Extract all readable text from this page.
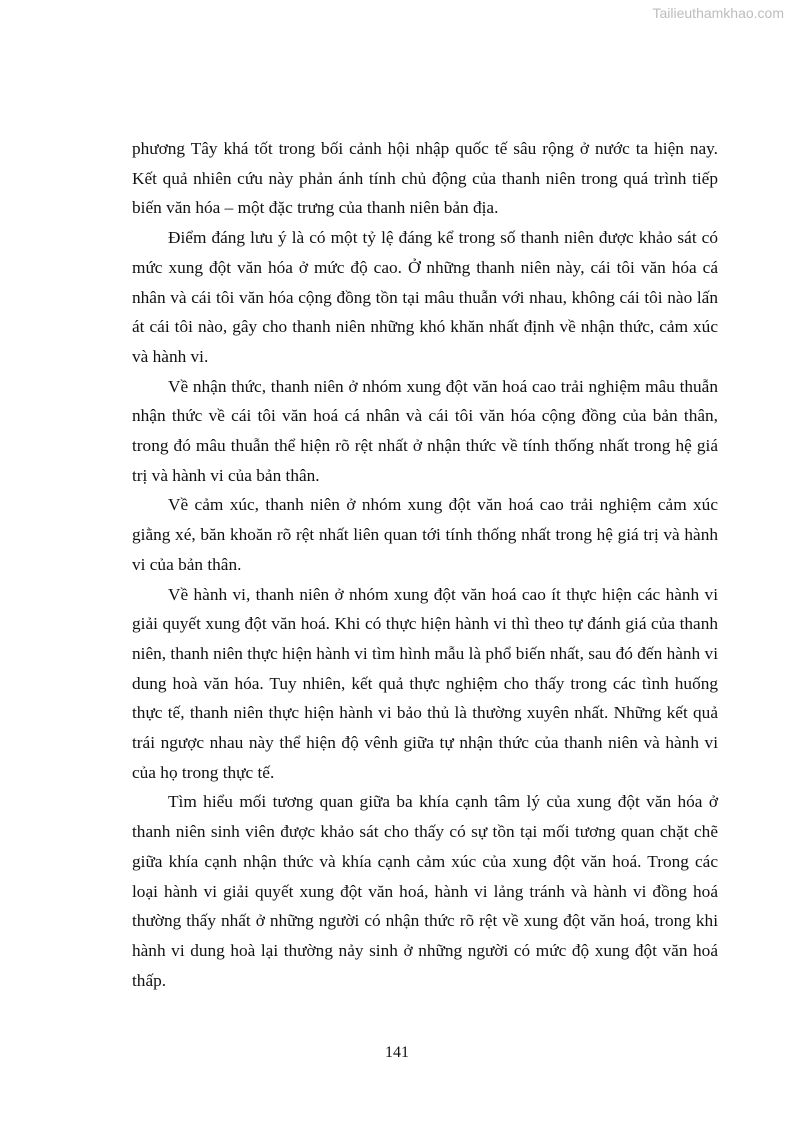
Tailieuthamkhao.com

phương Tây khá tốt trong bối cảnh hội nhập quốc tế sâu rộng ở nước ta hiện nay. Kết quả nhiên cứu này phản ánh tính chủ động của thanh niên trong quá trình tiếp biến văn hóa – một đặc trưng của thanh niên bản địa.

Điểm đáng lưu ý là có một tỷ lệ đáng kể trong số thanh niên được khảo sát có mức xung đột văn hóa ở mức độ cao. Ở những thanh niên này, cái tôi văn hóa cá nhân và cái tôi văn hóa cộng đồng tồn tại mâu thuẫn với nhau, không cái tôi nào lấn át cái tôi nào, gây cho thanh niên những khó khăn nhất định về nhận thức, cảm xúc và hành vi.

Về nhận thức, thanh niên ở nhóm xung đột văn hoá cao trải nghiệm mâu thuẫn nhận thức về cái tôi văn hoá cá nhân và cái tôi văn hóa cộng đồng của bản thân, trong đó mâu thuẫn thể hiện rõ rệt nhất ở nhận thức về tính thống nhất trong hệ giá trị và hành vi của bản thân.

Về cảm xúc, thanh niên ở nhóm xung đột văn hoá cao trải nghiệm cảm xúc giằng xé, băn khoăn rõ rệt nhất liên quan tới tính thống nhất trong hệ giá trị và hành vi của bản thân.

Về hành vi, thanh niên ở nhóm xung đột văn hoá cao ít thực hiện các hành vi giải quyết xung đột văn hoá. Khi có thực hiện hành vi thì theo tự đánh giá của thanh niên, thanh niên thực hiện hành vi tìm hình mẫu là phổ biến nhất, sau đó đến hành vi dung hoà văn hóa. Tuy nhiên, kết quả thực nghiệm cho thấy trong các tình huống thực tế, thanh niên thực hiện hành vi bảo thủ là thường xuyên nhất. Những kết quả trái ngược nhau này thể hiện độ vênh giữa tự nhận thức của thanh niên và hành vi của họ trong thực tế.

Tìm hiểu mối tương quan giữa ba khía cạnh tâm lý của xung đột văn hóa ở thanh niên sinh viên được khảo sát cho thấy có sự tồn tại mối tương quan chặt chẽ giữa khía cạnh nhận thức và khía cạnh cảm xúc của xung đột văn hoá. Trong các loại hành vi giải quyết xung đột văn hoá, hành vi lảng tránh và hành vi đồng hoá thường thấy nhất ở những người có nhận thức rõ rệt về xung đột văn hoá, trong khi hành vi dung hoà lại thường nảy sinh ở những người có mức độ xung đột văn hoá thấp.

141
